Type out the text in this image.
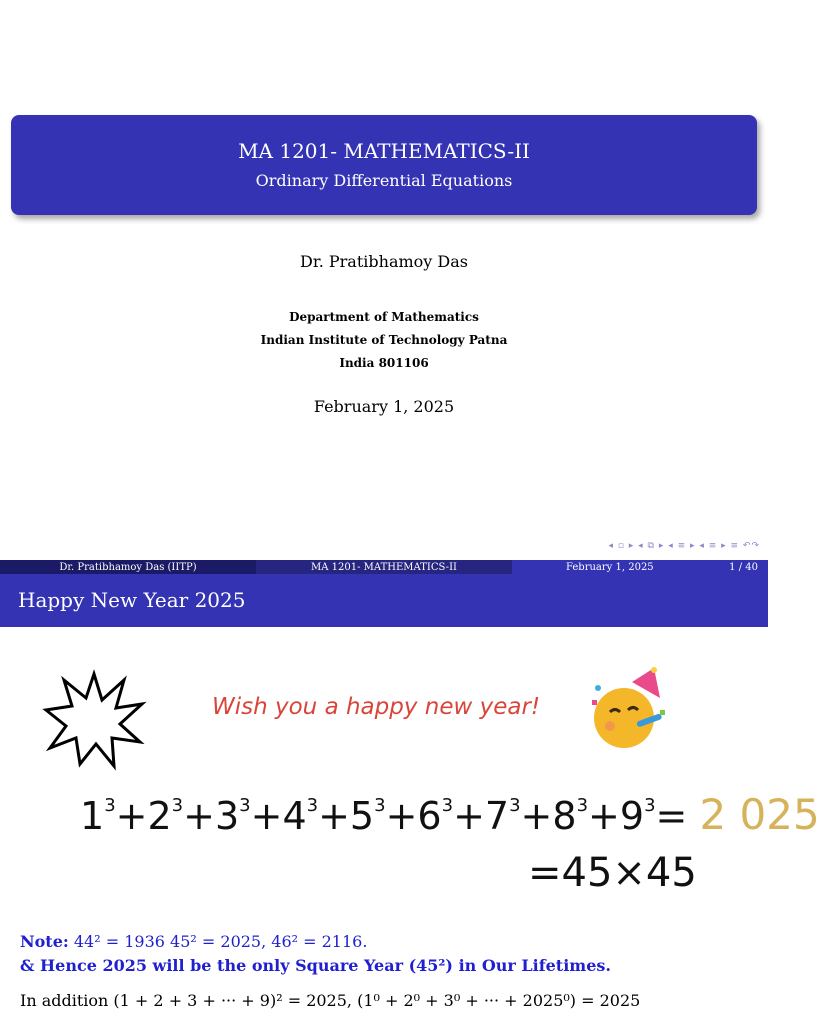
MA 1201- MATHEMATICS-II
Ordinary Differential Equations
Dr. Pratibhamoy Das
Department of Mathematics
Indian Institute of Technology Patna
India 801106
February 1, 2025
◂ ▫ ▸ ◂ ⧉ ▸ ◂ ≡ ▸ ◂ ≡ ▸ ≡ ↶↷
Dr. Pratibhamoy Das (IITP)	MA 1201- MATHEMATICS-II	February 1, 2025	1 / 40
Happy New Year 2025
Wish you a happy new year!
$1^3+2^3+3^3+4^3+5^3+6^3+7^3+8^3+9^3= 2$ 025
=45×45
Note: 44² = 1936 45² = 2025, 46² = 2116.
& Hence 2025 will be the only Square Year (45²) in Our Lifetimes.
In addition (1 + 2 + 3 + ··· + 9)² = 2025, (1⁰ + 2⁰ + 3⁰ + ··· + 2025⁰) = 2025
